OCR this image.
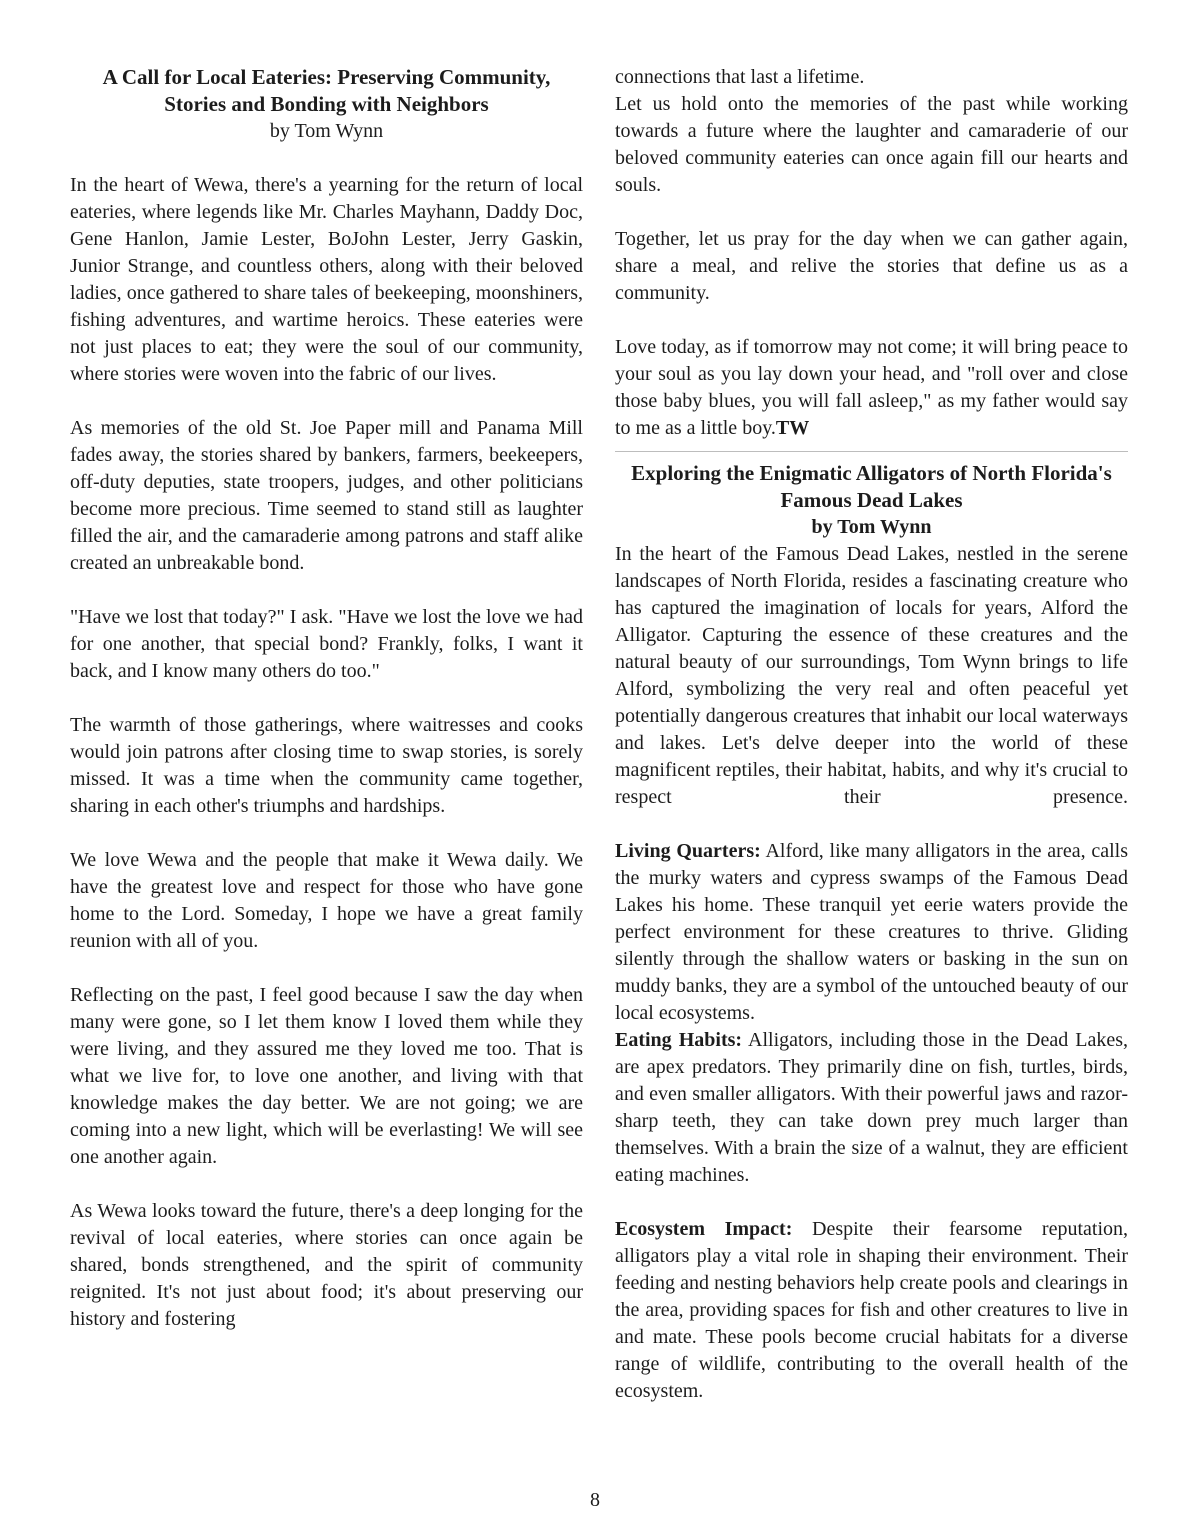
A Call for Local Eateries: Preserving Community, Stories and Bonding with Neighbors

by Tom Wynn

In the heart of Wewa, there's a yearning for the return of local eateries, where legends like Mr. Charles Mayhann, Daddy Doc, Gene Hanlon, Jamie Lester, BoJohn Lester, Jerry Gaskin, Junior Strange, and countless others, along with their beloved ladies, once gathered to share tales of beekeeping, moonshiners, fishing adventures, and wartime heroics. These eateries were not just places to eat; they were the soul of our community, where stories were woven into the fabric of our lives.

As memories of the old St. Joe Paper mill and Panama Mill fades away, the stories shared by bankers, farmers, beekeepers, off-duty deputies, state troopers, judges, and other politicians become more precious. Time seemed to stand still as laughter filled the air, and the camaraderie among patrons and staff alike created an unbreakable bond.

"Have we lost that today?" I ask. "Have we lost the love we had for one another, that special bond? Frankly, folks, I want it back, and I know many others do too."

The warmth of those gatherings, where waitresses and cooks would join patrons after closing time to swap stories, is sorely missed. It was a time when the community came together, sharing in each other's triumphs and hardships.

We love Wewa and the people that make it Wewa daily. We have the greatest love and respect for those who have gone home to the Lord. Someday, I hope we have a great family reunion with all of you.

Reflecting on the past, I feel good because I saw the day when many were gone, so I let them know I loved them while they were living, and they assured me they loved me too. That is what we live for, to love one another, and living with that knowledge makes the day better. We are not going; we are coming into a new light, which will be everlasting! We will see one another again.

As Wewa looks toward the future, there's a deep longing for the revival of local eateries, where stories can once again be shared, bonds strengthened, and the spirit of community reignited. It's not just about food; it's about preserving our history and fostering

connections that last a lifetime.

Let us hold onto the memories of the past while working towards a future where the laughter and camaraderie of our beloved community eateries can once again fill our hearts and souls.

Together, let us pray for the day when we can gather again, share a meal, and relive the stories that define us as a community.

Love today, as if tomorrow may not come; it will bring peace to your soul as you lay down your head, and "roll over and close those baby blues, you will fall asleep," as my father would say to me as a little boy.TW

Exploring the Enigmatic Alligators of North Florida's Famous Dead Lakes

by Tom Wynn

In the heart of the Famous Dead Lakes, nestled in the serene landscapes of North Florida, resides a fascinating creature who has captured the imagination of locals for years, Alford the Alligator. Capturing the essence of these creatures and the natural beauty of our surroundings, Tom Wynn brings to life Alford, symbolizing the very real and often peaceful yet potentially dangerous creatures that inhabit our local waterways and lakes. Let's delve deeper into the world of these magnificent reptiles, their habitat, habits, and why it's crucial to respect their presence.

Living Quarters: Alford, like many alligators in the area, calls the murky waters and cypress swamps of the Famous Dead Lakes his home. These tranquil yet eerie waters provide the perfect environment for these creatures to thrive. Gliding silently through the shallow waters or basking in the sun on muddy banks, they are a symbol of the untouched beauty of our local ecosystems.

Eating Habits: Alligators, including those in the Dead Lakes, are apex predators. They primarily dine on fish, turtles, birds, and even smaller alligators. With their powerful jaws and razor-sharp teeth, they can take down prey much larger than themselves. With a brain the size of a walnut, they are efficient eating machines.

Ecosystem Impact: Despite their fearsome reputation, alligators play a vital role in shaping their environment. Their feeding and nesting behaviors help create pools and clearings in the area, providing spaces for fish and other creatures to live in and mate. These pools become crucial habitats for a diverse range of wildlife, contributing to the overall health of the ecosystem.

8
